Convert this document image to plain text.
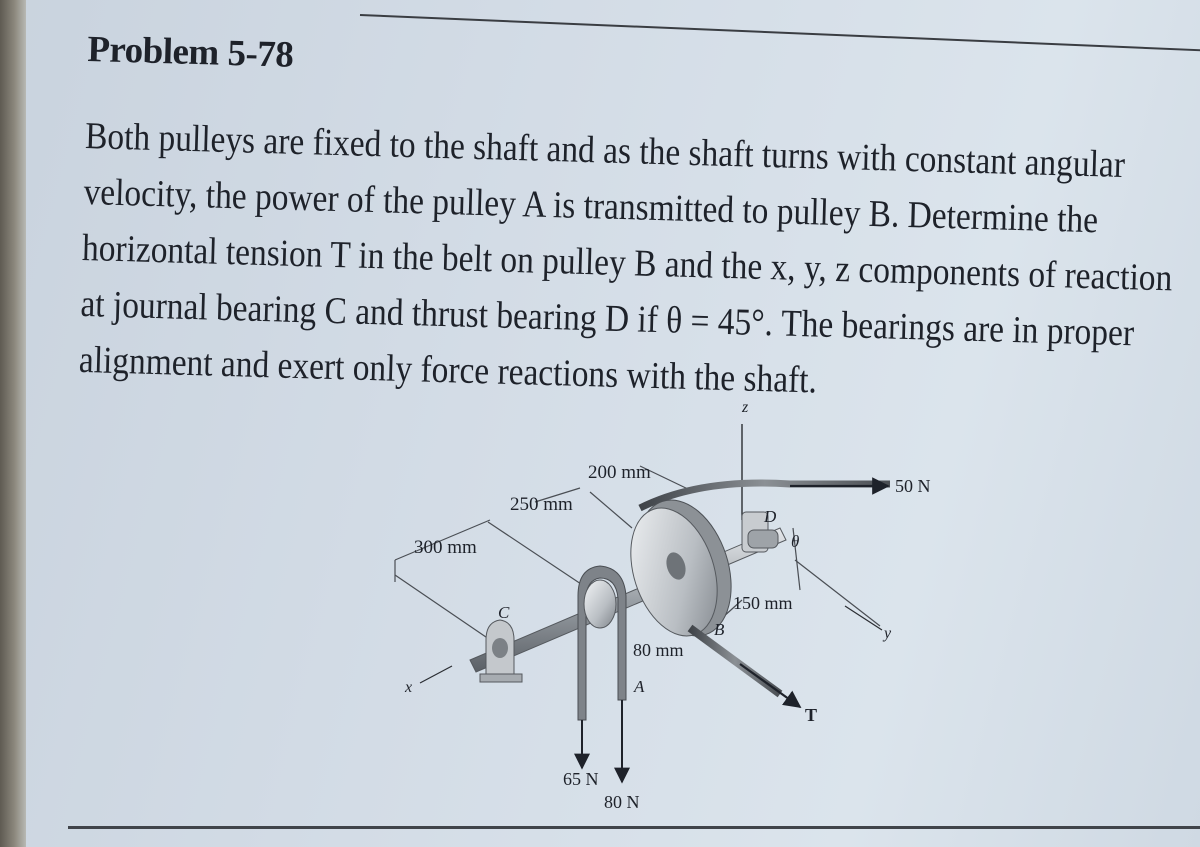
Problem 5-78
Both pulleys are fixed to the shaft and as the shaft turns with constant angular
velocity, the power of the pulley A is transmitted to pulley B. Determine the
horizontal tension T in the belt on pulley B and the x, y, z components of reaction
at journal bearing C and thrust bearing D if θ = 45°. The bearings are in proper
alignment and exert only force reactions with the shaft.
200 mm
250 mm
300 mm
150 mm
80 mm
50 N
65 N
80 N
T
θ
x
y
z
A
B
C
D
